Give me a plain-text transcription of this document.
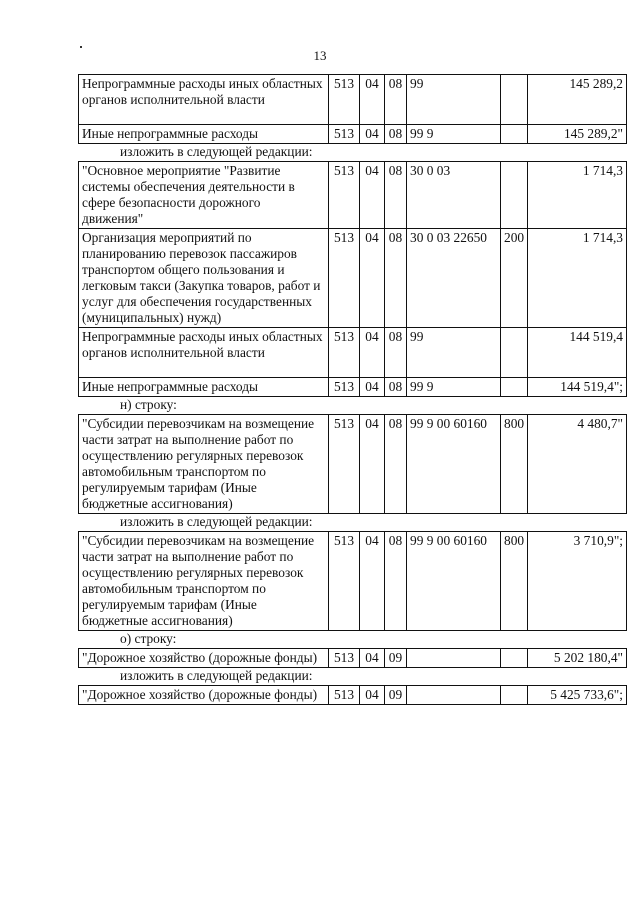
13
Непрограммные расходы иных областных органов исполнительной власти	513	04	08	99		145 289,2
Иные непрограммные расходы	513	04	08	99 9		145 289,2"
изложить в следующей редакции:
"Основное мероприятие "Развитие системы обеспечения деятельности в сфере безопасности дорожного движения"	513	04	08	30 0 03		1 714,3
Организация мероприятий по планированию перевозок пассажиров транспортом общего пользования и легковым такси (Закупка товаров, работ и услуг для обеспечения государственных (муниципальных) нужд)	513	04	08	30 0 03 22650	200	1 714,3
Непрограммные расходы иных областных органов исполнительной власти	513	04	08	99		144 519,4
Иные непрограммные расходы	513	04	08	99 9		144 519,4";
н) строку:
"Субсидии перевозчикам на возмещение части затрат на выполнение работ по осуществлению регулярных перевозок автомобильным транспортом по регулируемым тарифам (Иные бюджетные ассигнования)	513	04	08	99 9 00 60160	800	4 480,7"
изложить в следующей редакции:
"Субсидии перевозчикам на возмещение части затрат на выполнение работ по осуществлению регулярных перевозок автомобильным транспортом по регулируемым тарифам (Иные бюджетные ассигнования)	513	04	08	99 9 00 60160	800	3 710,9";
о) строку:
"Дорожное хозяйство (дорожные фонды)	513	04	09			5 202 180,4"
изложить в следующей редакции:
"Дорожное хозяйство (дорожные фонды)	513	04	09			5 425 733,6";
